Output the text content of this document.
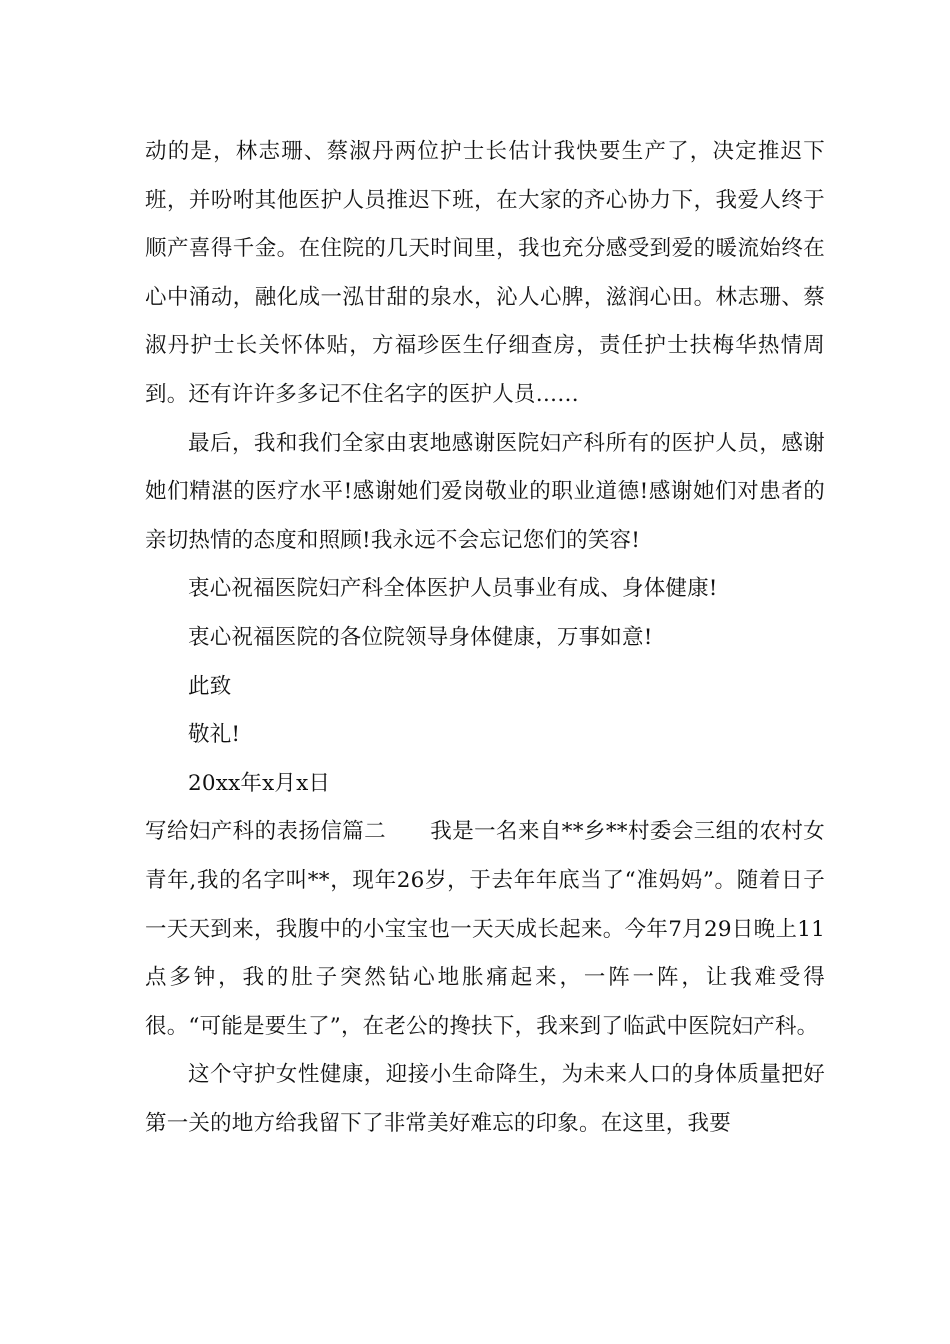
动的是，林志珊、蔡淑丹两位护士长估计我快要生产了，决定推迟下班，并吩咐其他医护人员推迟下班，在大家的齐心协力下，我爱人终于顺产喜得千金。在住院的几天时间里，我也充分感受到爱的暖流始终在心中涌动，融化成一泓甘甜的泉水，沁人心脾，滋润心田。林志珊、蔡淑丹护士长关怀体贴，方福珍医生仔细查房，责任护士扶梅华热情周到。还有许许多多记不住名字的医护人员……

最后，我和我们全家由衷地感谢医院妇产科所有的医护人员，感谢她们精湛的医疗水平!感谢她们爱岗敬业的职业道德!感谢她们对患者的亲切热情的态度和照顾!我永远不会忘记您们的笑容!

衷心祝福医院妇产科全体医护人员事业有成、身体健康!

衷心祝福医院的各位院领导身体健康，万事如意!

此致

敬礼!

20xx年x月x日

写给妇产科的表扬信篇二 我是一名来自**乡**村委会三组的农村女青年,我的名字叫**，现年26岁，于去年年底当了“准妈妈”。随着日子一天天到来，我腹中的小宝宝也一天天成长起来。今年7月29日晚上11点多钟，我的肚子突然钻心地胀痛起来，一阵一阵，让我难受得很。“可能是要生了”，在老公的搀扶下，我来到了临武中医院妇产科。

这个守护女性健康，迎接小生命降生，为未来人口的身体质量把好第一关的地方给我留下了非常美好难忘的印象。在这里，我要
